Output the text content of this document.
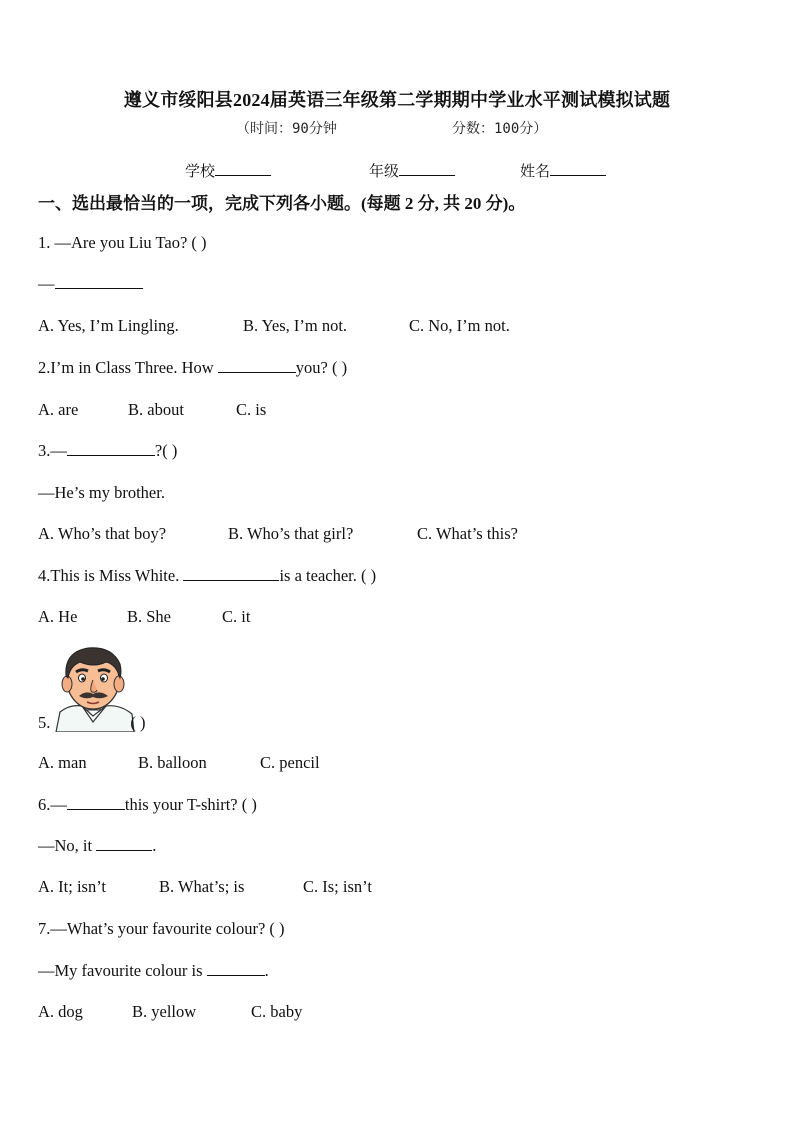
遵义市绥阳县2024届英语三年级第二学期期中学业水平测试模拟试题
（时间：90分钟	分数：100分）
学校	年级	姓名
一、选出最恰当的一项，完成下列各小题。(每题 2 分, 共 20 分)。
1. —Are you Liu Tao? ( )
—
A. Yes, I’m Lingling.	B. Yes, I’m not.	C. No, I’m not.
2.I’m in Class Three. How	you? ( )
A. are	B. about	C. is
3.—	?( )
—He’s my brother.
A. Who’s that boy?	B. Who’s that girl?	C. What’s this?
4.This is Miss White.	is a teacher. ( )
A. He	B. She	C. it
5.	( )
A. man	B. balloon	C. pencil
6.—	this your T-shirt? ( )
—No, it	.
A. It; isn’t	B. What’s; is	C. Is; isn’t
7.—What’s your favourite colour? ( )
—My favourite colour is	.
A. dog	B. yellow	C. baby
